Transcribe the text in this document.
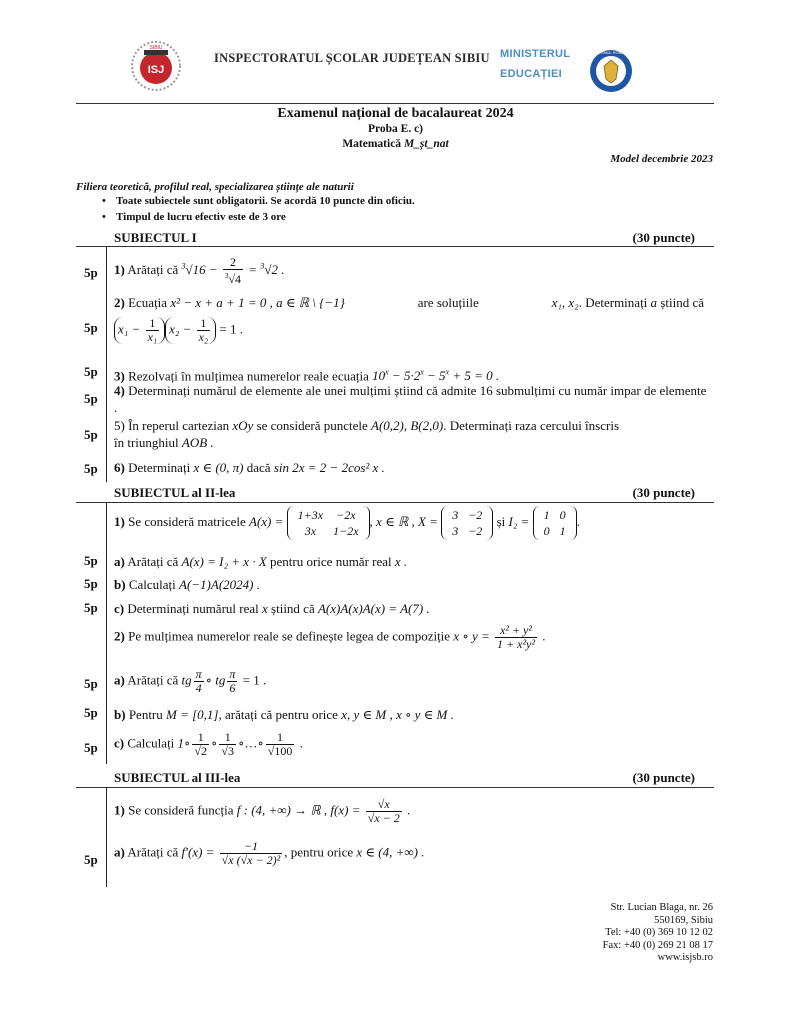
ISJ
SIBIU
INSPECTORATUL ȘCOLAR JUDEȚEAN SIBIU MINISTERUL
EDUCAȚIEI
GUVERNUL ROMÂNIEI
Examenul național de bacalaureat 2024
Proba E. c)
Matematică M_șt_nat
Model decembrie 2023
Filiera teoretică, profilul real, specializarea științe ale naturii
• Toate subiectele sunt obligatorii. Se acordă 10 puncte din oficiu.
• Timpul de lucru efectiv este de 3 ore
SUBIECTUL I	(30 puncte)
5p 1) Arătați că $^3√16 - \frac{2}{^3√4} = ^3√2$ .
5p
2) Ecuația x² − x + a + 1 = 0 , a ∈ ℝ \ {−1}	are soluțiile	x₁, x₂. Determinați a știind că
$x_1 - \frac{1}{\text{x₁}} x_2 - \frac{1}{\text{x₂}} = 1$ .
5p 3) Rezolvați în mulțimea numerelor reale ecuația $10^x - 5\cdot 2^x - 5^x + 5 = 0$ .
5p
4) Determinați numărul de elemente ale unei mulțimi știind că admite 16 submulțimi cu număr impar de elemente .
5p
5) În reperul cartezian xOy se consideră punctele A(0,2), B(2,0). Determinați raza cercului înscris
în triunghiul AOB .
5p 6) Determinați x ∈ (0, π) dacă sin 2x = 2 − 2cos² x .
SUBIECTUL al II-lea	(30 puncte)
1) Se consideră matricele A(x) = 1+3x	−2x
3x	1−2x
, x ∈ ℝ , X = 3	−2
3	−2
și I₂ = 1	0
0	1
.
5p a) Arătați că A(x) = I₂ + x · X pentru orice număr real x .
5p b) Calculați A(−1)A(2024) .
5p c) Determinați numărul real x știind că A(x)A(x)A(x) = A(7) .
2) Pe mulțimea numerelor reale se definește legea de compoziție x ∘ $y = \frac{\text{x² + y²}}{\text{1 + x²y²}}$ .
5p a) Arătați că tg $\frac{\pi}{4}$ ∘ tg $\frac{\pi}{6} = 1$ .
5p b) Pentru M = [0,1], arătați că pentru orice x, y ∈ M , x ∘ y ∈ M .
5p c) Calculați 1∘ $\frac{1}{√2}$ ∘ $\frac{1}{√3}$ ∘…∘ $\frac{1}{√100}$ .
SUBIECTUL al III-lea	(30 puncte)
1) Se consideră funcția f : (4, +∞) → ℝ , $f(x) = \frac{√x}{√x - 2}$ .
5p
a) Arătați că $f'(x) = \frac{-1}{\text{√x (√x − 2)²}}$ , pentru orice x ∈ (4, +∞) .
Str. Lucian Blaga, nr. 26
550169, Sibiu
Tel: +40 (0) 369 10 12 02
Fax: +40 (0) 269 21 08 17
www.isjsb.ro
